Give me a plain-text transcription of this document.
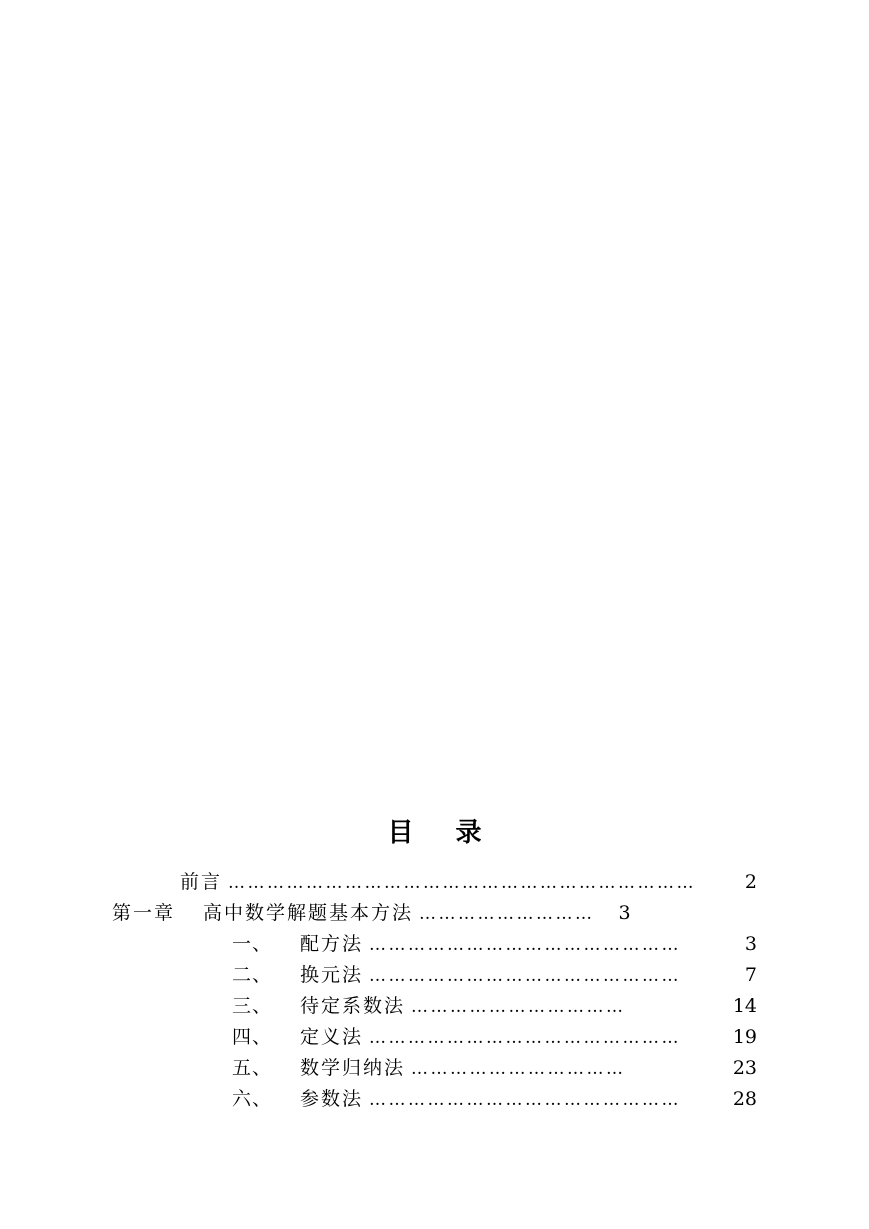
目录
前言 ………………………………………………………………	2
第一章 高中数学解题基本方法 ………………………	3
一、 配方法 …………………………………………	3
二、 换元法 …………………………………………	7
三、 待定系数法 ……………………………	14
四、 定义法 …………………………………………	19
五、 数学归纳法 ……………………………	23
六、 参数法 …………………………………………	28
